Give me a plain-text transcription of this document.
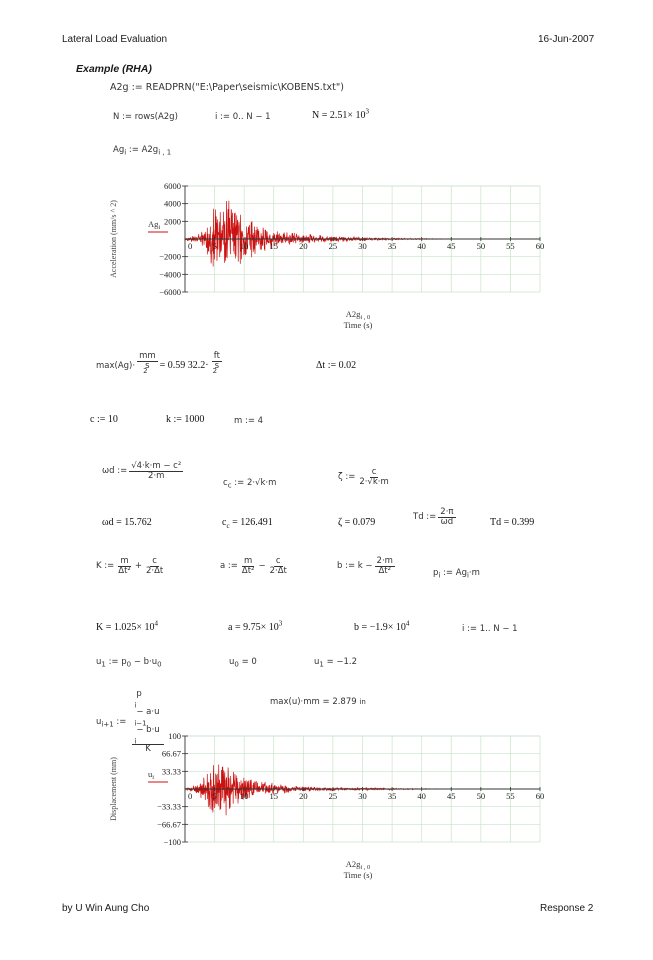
Lateral Load Evaluation	16-Jun-2007
by U Win Aung Cho	Response 2
Example (RHA)
A2g := READPRN("E:\Paper\seismic\KOBENS.txt")
N := rows(A2g)	i := 0.. N − 1	$N = 2.51\times 10^3$
$Ag_i$ := $A2g_{i , 1}$
6000
4000
2000
−2000
−4000
−6000
0 5	10 15 20 25 30 35 40 45 50 55 60
Acceleration (mm/s ^ 2)	$Ag_i$
$A2g_{i , 0}$
Time (s)
max(Ag)· mm
s
$^2$ = 0.59 32.2· ft
s
$^2$	Δt := 0.02
c := 10	k := 1000	m := 4
ωd := $\frac{\text{√4·k·m − c²}}{2\cdot m}$
$c_c$ := 2·√k·m
ζ := $\frac{c}{2\cdot√k\cdot m}$
ωd = 15.762	$c_c = 126.491$	ζ = 0.079	Td := $\frac{2\cdot\pi}{\omega d}$	Td = 0.399
K := $\frac{m}{\text{Δt²}} + \frac{c}{2\cdot\Delta t}$	a := $\frac{m}{\text{Δt²}} - \frac{c}{2\cdot\Delta t}$	b := $k - \frac{2\cdot m}{\text{Δt²}}$	$p_i$ := $Ag_i\cdot m$
$K = 1.025\times 10^4$	$a = 9.75\times 10^3$	$b = -1.9\times 10^4$
i := 1.. N − 1
$u_1$ := $p_0 - b\cdot u_0$	$u_0 = 0$	$u_1 = -1.2$
$u_{i+1}$ := p
$_i$
− a·u
$_{i-1}$
− b·u
$_i$
K	max(u)·mm = 2.879 in
100
66.67
33.33
−33.33
−66.67
−100
0 5	10 15 20 25 30 35 40 45 50 55 60
Displacement (mm)	$u_i$
$A2g_{i , 0}$
Time (s)
